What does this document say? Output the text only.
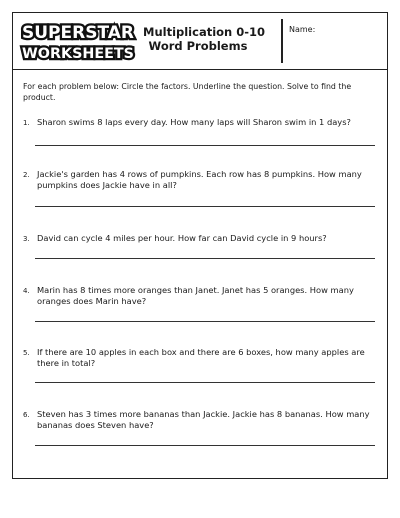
SUPERSTAR
WORKSHEETS
Multiplication 0-10
Word Problems
Name:
For each problem below: Circle the factors. Underline the question. Solve to find the product.
1. Sharon swims 8 laps every day. How many laps will Sharon swim in 1 days?
2. Jackie's garden has 4 rows of pumpkins. Each row has 8 pumpkins. How many pumpkins does Jackie have in all?
3. David can cycle 4 miles per hour. How far can David cycle in 9 hours?
4. Marin has 8 times more oranges than Janet. Janet has 5 oranges. How many oranges does Marin have?
5. If there are 10 apples in each box and there are 6 boxes, how many apples are there in total?
6. Steven has 3 times more bananas than Jackie. Jackie has 8 bananas. How many bananas does Steven have?
